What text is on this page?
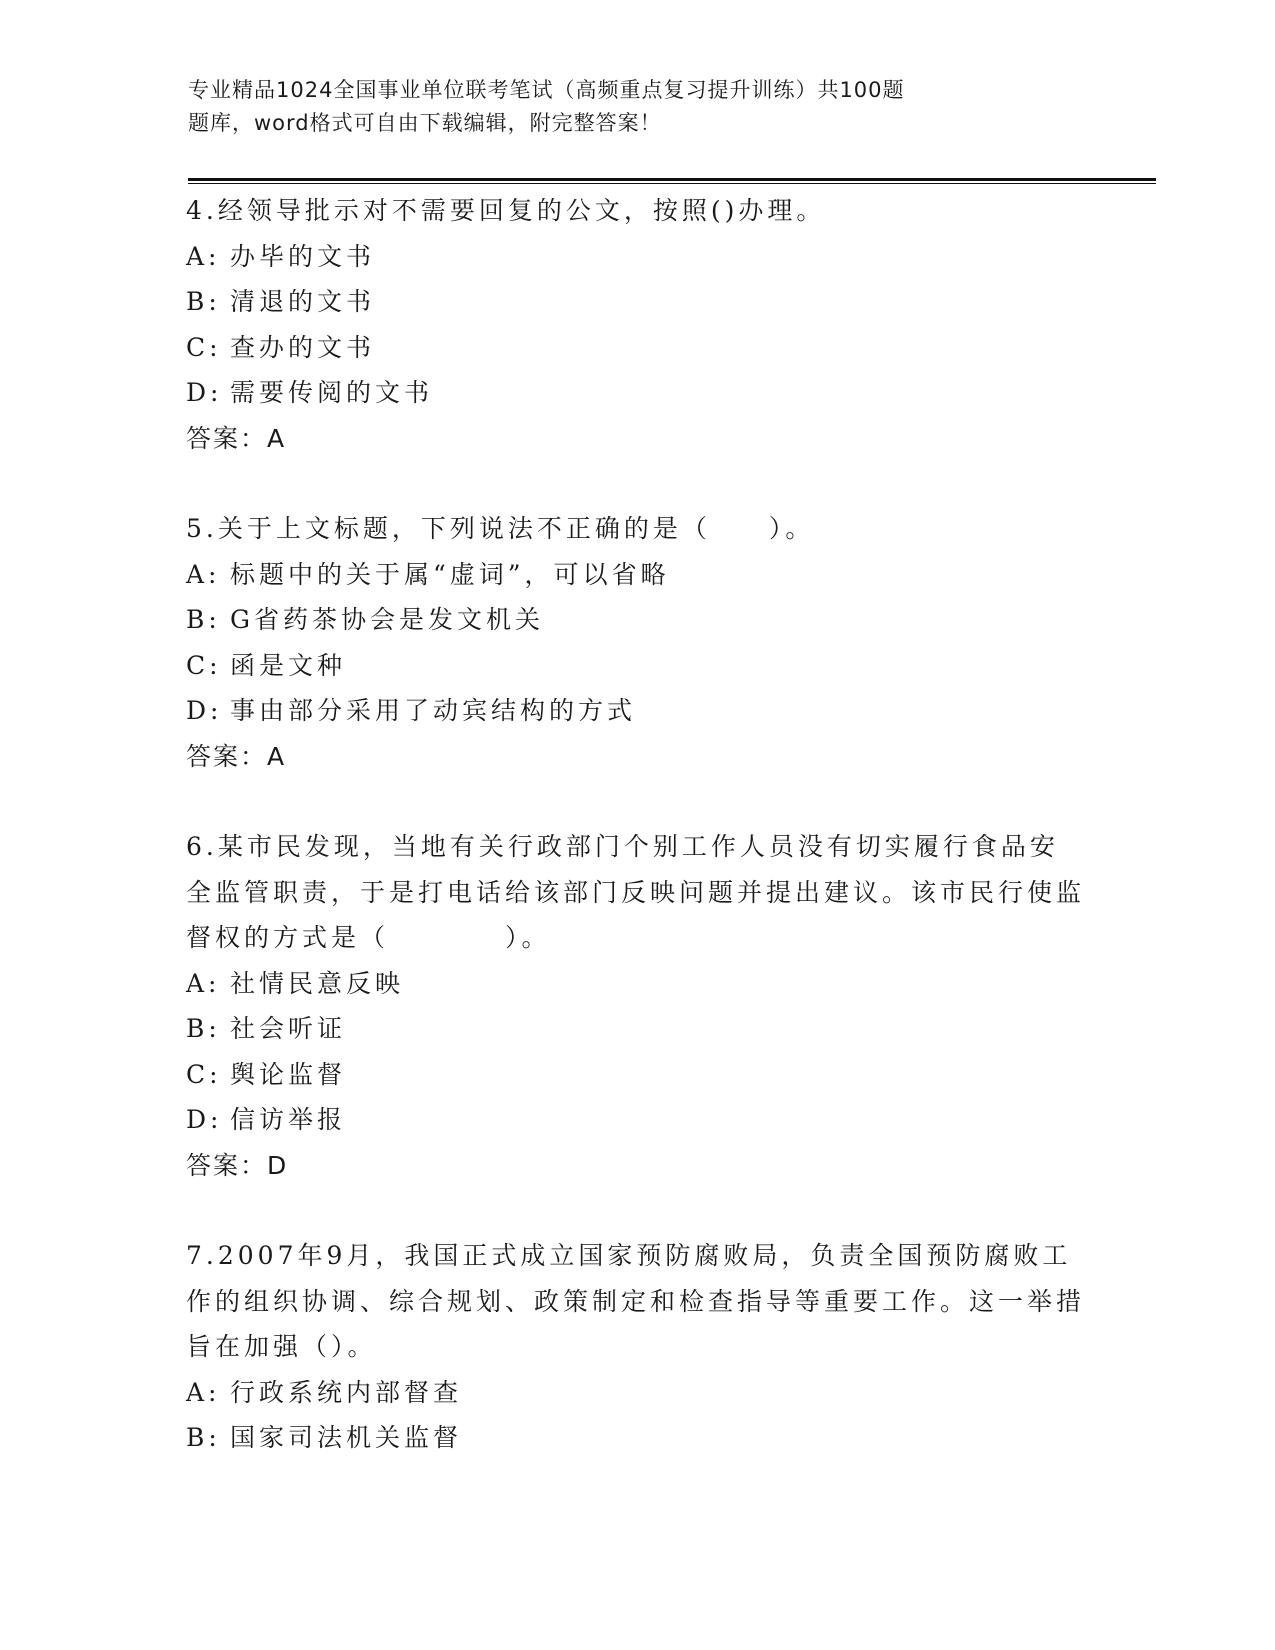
专业精品1024全国事业单位联考笔试（高频重点复习提升训练）共100题
题库，word格式可自由下载编辑，附完整答案！
4.经领导批示对不需要回复的公文，按照()办理。
A: 办毕的文书
B: 清退的文书
C: 查办的文书
D: 需要传阅的文书
答案：A
5.关于上文标题，下列说法不正确的是（　　）。
A: 标题中的关于属“虚词”，可以省略
B: G省药茶协会是发文机关
C: 函是文种
D: 事由部分采用了动宾结构的方式
答案：A
6.某市民发现，当地有关行政部门个别工作人员没有切实履行食品安全监管职责，于是打电话给该部门反映问题并提出建议。该市民行使监督权的方式是（　　　　）。
A: 社情民意反映
B: 社会听证
C: 舆论监督
D: 信访举报
答案：D
7.2007年9月，我国正式成立国家预防腐败局，负责全国预防腐败工作的组织协调、综合规划、政策制定和检查指导等重要工作。这一举措旨在加强（）。
A: 行政系统内部督查
B: 国家司法机关监督
